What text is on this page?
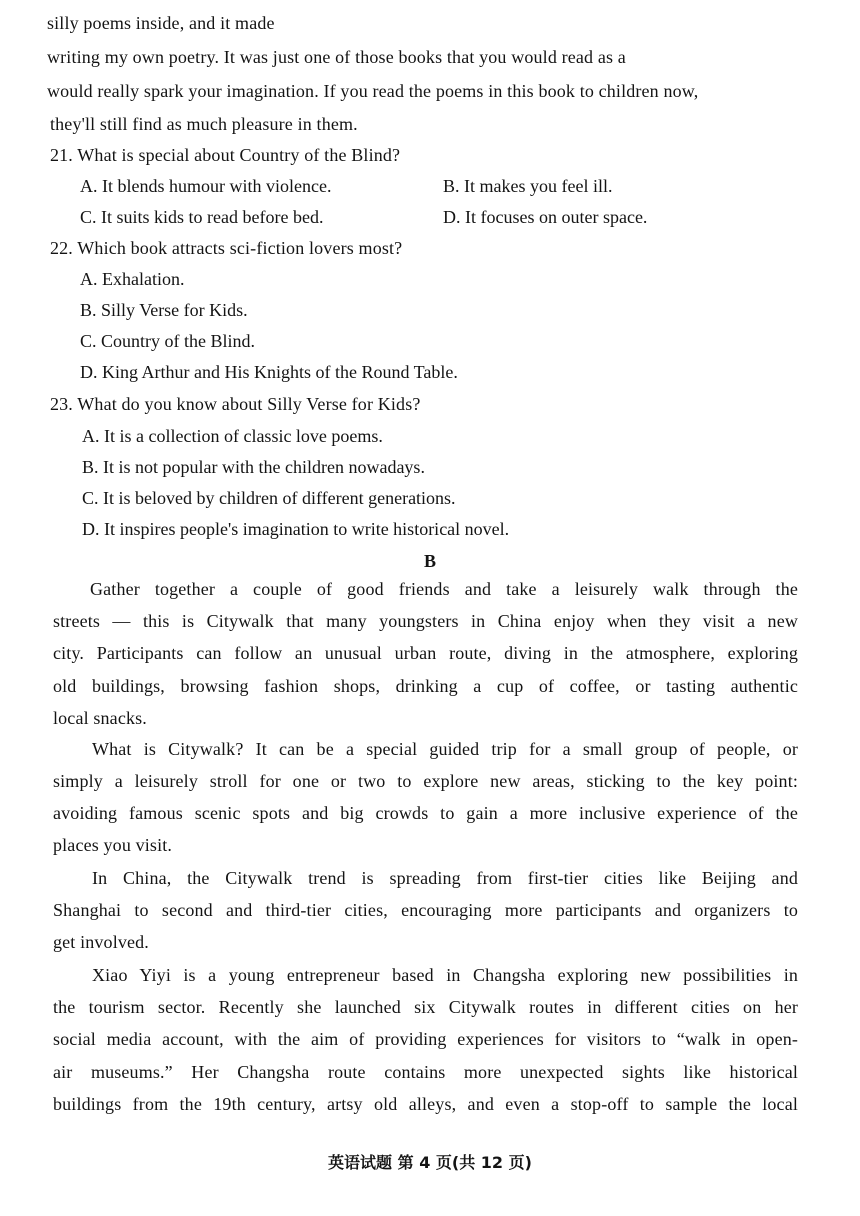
silly poems inside, and it made
writing my own poetry. It was just one of those books that you would read as a
would really spark your imagination. If you read the poems in this book to children now,
they'll still find as much pleasure in them.
21. What is special about Country of the Blind?
A. It blends humour with violence.	B. It makes you feel ill.
C. It suits kids to read before bed.	D. It focuses on outer space.
22. Which book attracts sci-fiction lovers most?
A. Exhalation.
B. Silly Verse for Kids.
C. Country of the Blind.
D. King Arthur and His Knights of the Round Table.
23. What do you know about Silly Verse for Kids?
A. It is a collection of classic love poems.
B. It is not popular with the children nowadays.
C. It is beloved by children of different generations.
D. It inspires people's imagination to write historical novel.
B
Gather together a couple of good friends and take a leisurely walk through the
streets — this is Citywalk that many youngsters in China enjoy when they visit a new
city. Participants can follow an unusual urban route, diving in the atmosphere, exploring
old buildings, browsing fashion shops, drinking a cup of coffee, or tasting authentic
local snacks.
What is Citywalk? It can be a special guided trip for a small group of people, or
simply a leisurely stroll for one or two to explore new areas, sticking to the key point:
avoiding famous scenic spots and big crowds to gain a more inclusive experience of the
places you visit.
In China, the Citywalk trend is spreading from first-tier cities like Beijing and
Shanghai to second and third-tier cities, encouraging more participants and organizers to
get involved.
Xiao Yiyi is a young entrepreneur based in Changsha exploring new possibilities in
the tourism sector. Recently she launched six Citywalk routes in different cities on her
social media account, with the aim of providing experiences for visitors to “walk in open-
air museums.” Her Changsha route contains more unexpected sights like historical
buildings from the 19th century, artsy old alleys, and even a stop-off to sample the local
英语试题 第 4 页(共 12 页)
